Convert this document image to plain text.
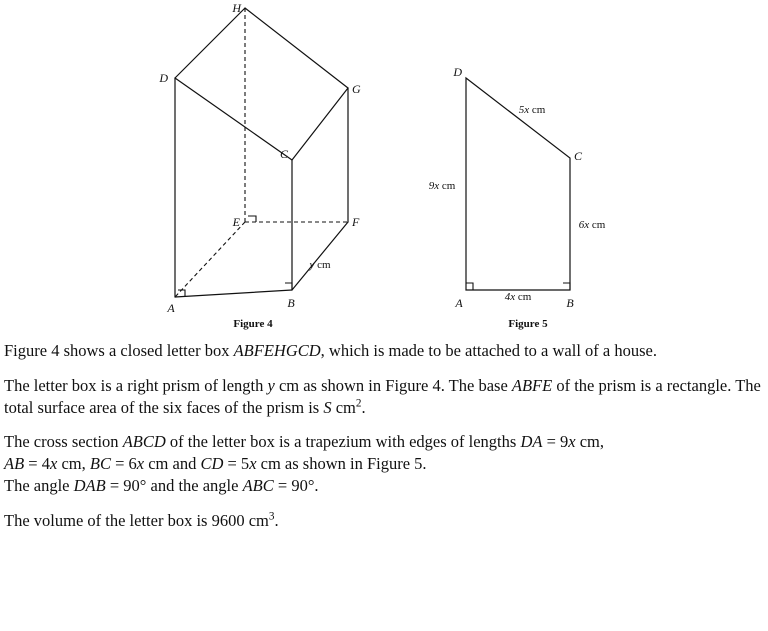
H
D
G
C
E	F
A	B
y cm
D
C
A	B
5x cm
9x cm
6x cm
4x cm
Figure 4	Figure 5

Figure 4 shows a closed letter box ABFEHGCD, which is made to be attached to a wall of a house.

The letter box is a right prism of length y cm as shown in Figure 4. The base ABFE of the prism is a rectangle. The total surface area of the six faces of the prism is S $cm^2$.

The cross section ABCD of the letter box is a trapezium with edges of lengths DA = 9x cm,
AB = 4x cm, BC = 6x cm and CD = 5x cm as shown in Figure 5.
The angle DAB = 90° and the angle ABC = 90°.

The volume of the letter box is 9600 $cm^3$.
